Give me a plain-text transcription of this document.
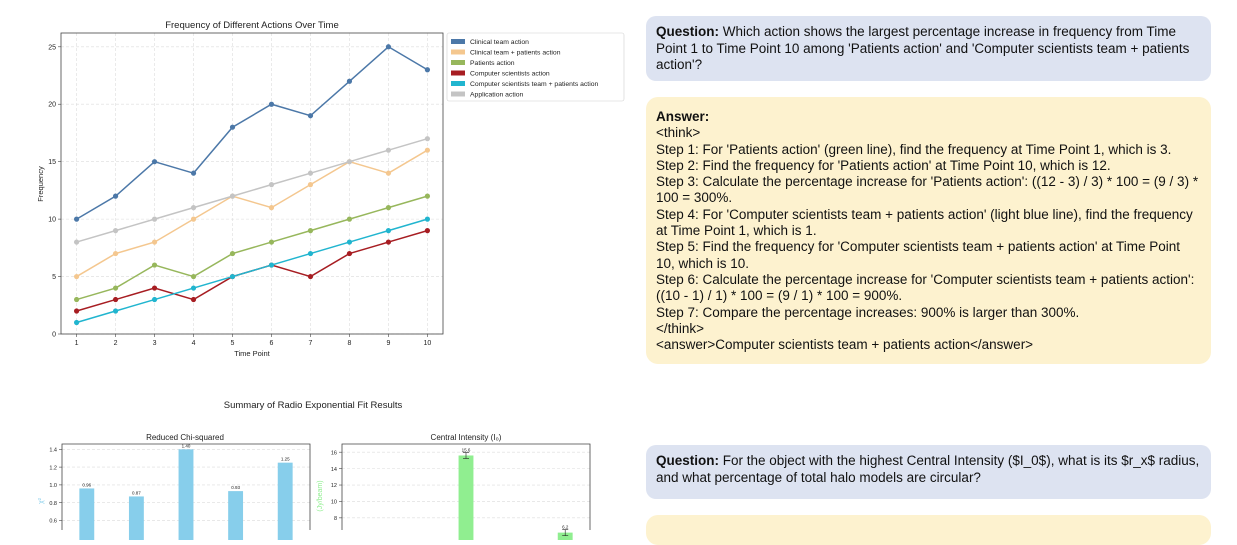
Frequency of Different Actions Over Time
1	2	3	4	5	6	7	8	9	10
0
5
10
15
20
25
Time Point
Frequency
Clinical team action
Clinical team + patients action
Patients action
Computer scientists action
Computer scientists team + patients action
Application action
Summary of Radio Exponential Fit Results
Reduced Chi-squared
0.96
0.87
1.40
0.93
1.25
0.6
0.8
1.0
1.2
1.4
χ²
Central Intensity (I₀)
15.6
6.2
8
10
12
14
16
(Jy/beam)
Question: Which action shows the largest percentage increase in frequency from Time Point 1 to Time Point 10 among 'Patients action' and 'Computer scientists team + patients action'?
Answer:
<think>
Step 1: For 'Patients action' (green line), find the frequency at Time Point 1, which is 3.
Step 2: Find the frequency for 'Patients action' at Time Point 10, which is 12.
Step 3: Calculate the percentage increase for 'Patients action': ((12 - 3) / 3) * 100 = (9 / 3) * 100 = 300%.
Step 4: For 'Computer scientists team + patients action' (light blue line), find the frequency at Time Point 1, which is 1.
Step 5: Find the frequency for 'Computer scientists team + patients action' at Time Point 10, which is 10.
Step 6: Calculate the percentage increase for 'Computer scientists team + patients action': ((10 - 1) / 1) * 100 = (9 / 1) * 100 = 900%.
Step 7: Compare the percentage increases: 900% is larger than 300%.
</think>
<answer>Computer scientists team + patients action</answer>
Question: For the object with the highest Central Intensity ($I_0$), what is its $r_x$ radius, and what percentage of total halo models are circular?
